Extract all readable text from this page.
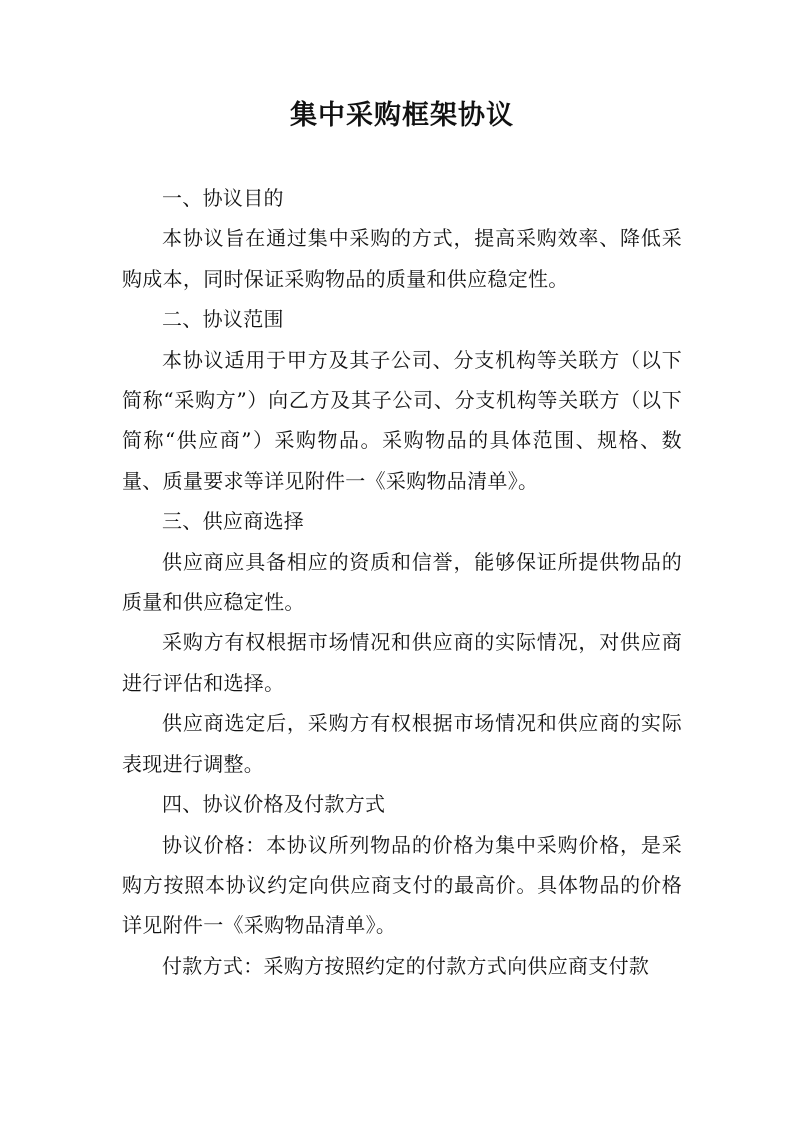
集中采购框架协议

一、协议目的

本协议旨在通过集中采购的方式，提高采购效率、降低采购成本，同时保证采购物品的质量和供应稳定性。

二、协议范围

本协议适用于甲方及其子公司、分支机构等关联方（以下简称“采购方”）向乙方及其子公司、分支机构等关联方（以下简称“供应商”）采购物品。采购物品的具体范围、规格、数量、质量要求等详见附件一《采购物品清单》。

三、供应商选择

供应商应具备相应的资质和信誉，能够保证所提供物品的质量和供应稳定性。

采购方有权根据市场情况和供应商的实际情况，对供应商进行评估和选择。

供应商选定后，采购方有权根据市场情况和供应商的实际表现进行调整。

四、协议价格及付款方式

协议价格：本协议所列物品的价格为集中采购价格，是采购方按照本协议约定向供应商支付的最高价。具体物品的价格详见附件一《采购物品清单》。

付款方式：采购方按照约定的付款方式向供应商支付款
